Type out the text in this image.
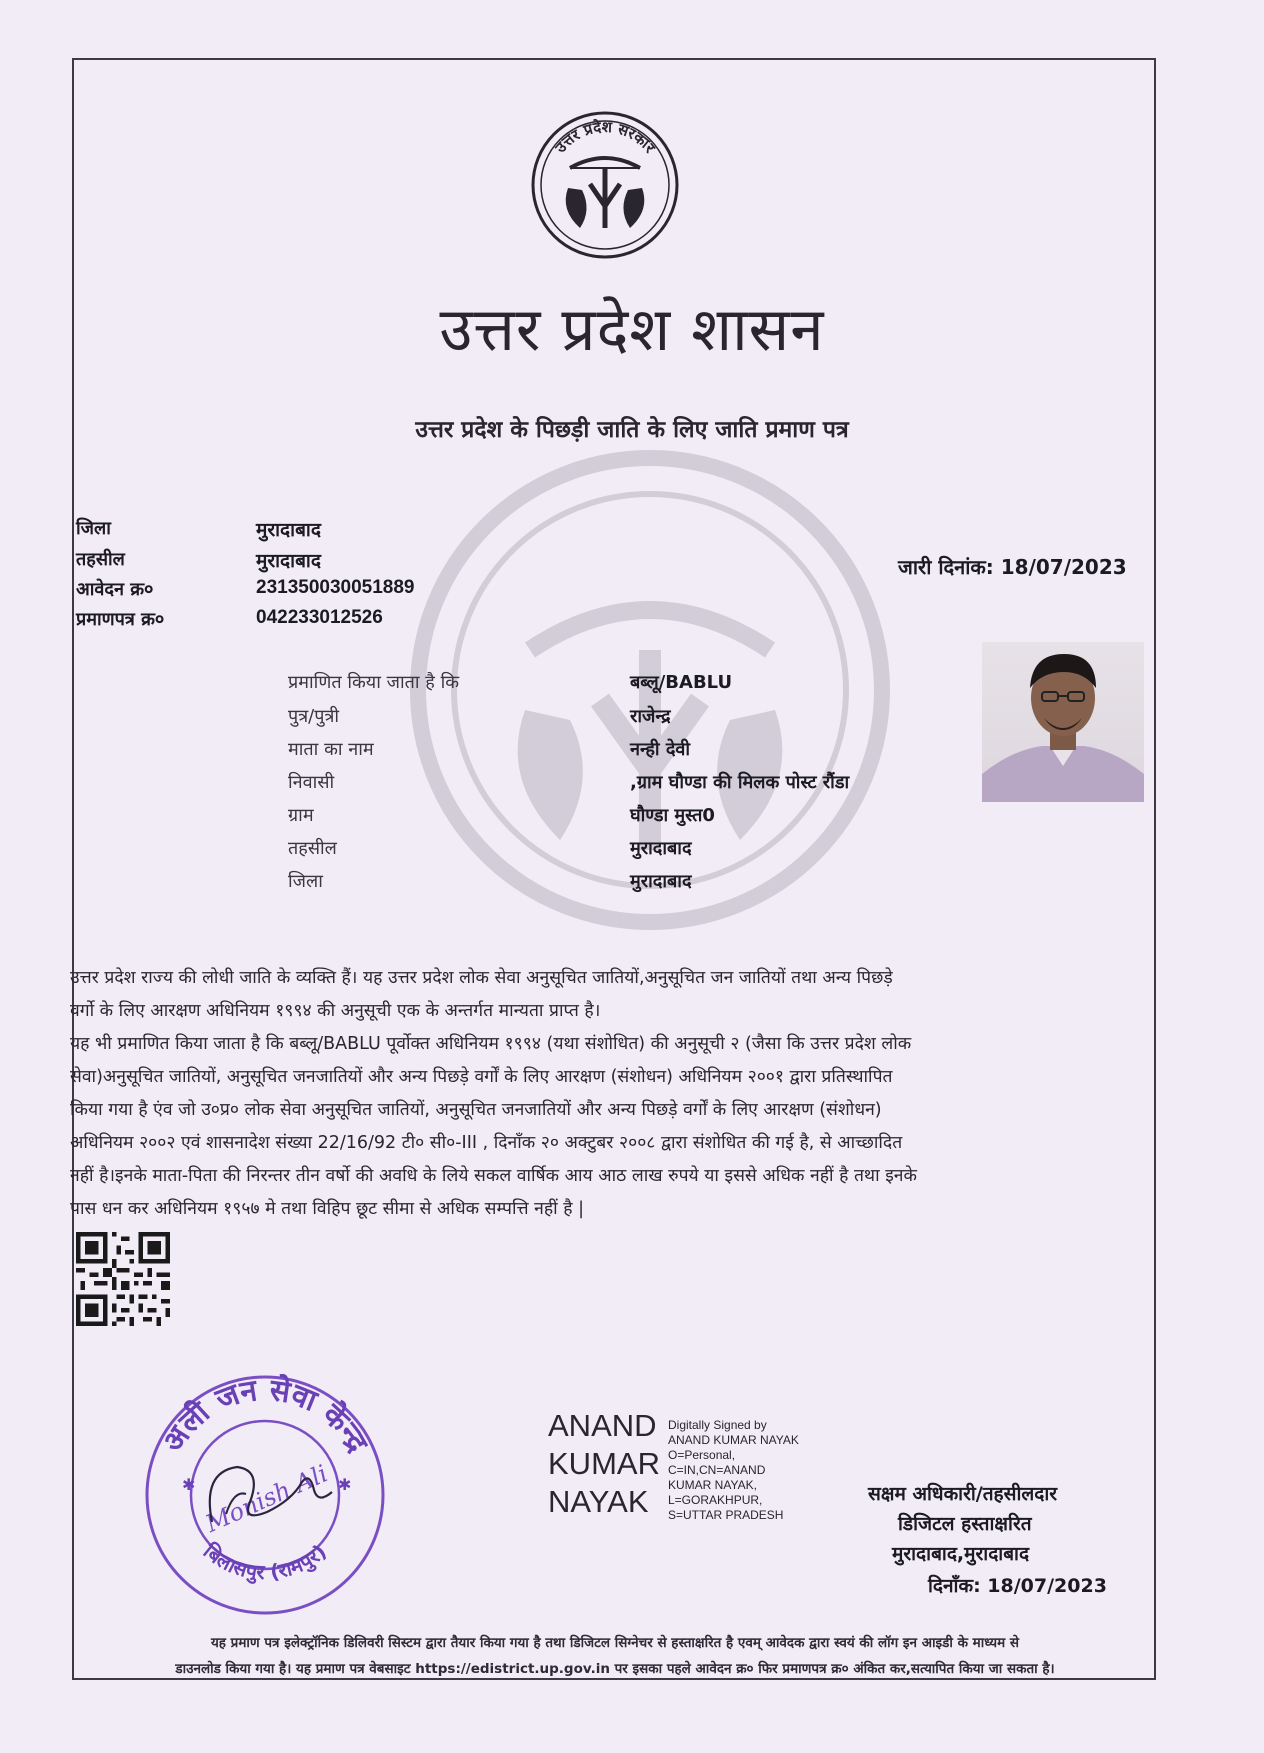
उत्तर प्रदेश सरकार
उत्तर प्रदेश शासन
उत्तर प्रदेश के पिछड़ी जाति के लिए जाति प्रमाण पत्र
जिला	मुरादाबाद
तहसील	मुरादाबाद
आवेदन क्र०	231350030051889
प्रमाणपत्र क्र०	042233012526
जारी दिनांक: 18/07/2023
प्रमाणित किया जाता है कि	बब्लू/BABLU
पुत्र/पुत्री	राजेन्द्र
माता का नाम	नन्ही देवी
निवासी	,ग्राम घौण्डा की मिलक पोस्ट रौंडा
ग्राम	घौण्डा मुस्त0
तहसील	मुरादाबाद
जिला	मुरादाबाद
उत्तर प्रदेश राज्य की लोधी जाति के व्यक्ति हैं। यह उत्तर प्रदेश लोक सेवा अनुसूचित जातियों,अनुसूचित जन जातियों तथा अन्य पिछड़े
वर्गो के लिए आरक्षण अधिनियम १९९४ की अनुसूची एक के अन्तर्गत मान्यता प्राप्त है।
यह भी प्रमाणित किया जाता है कि बब्लू/BABLU पूर्वोक्त अधिनियम १९९४ (यथा संशोधित) की अनुसूची २ (जैसा कि उत्तर प्रदेश लोक
सेवा)अनुसूचित जातियों, अनुसूचित जनजातियों और अन्य पिछड़े वर्गों के लिए आरक्षण (संशोधन) अधिनियम २००१ द्वारा प्रतिस्थापित
किया गया है एंव जो उ०प्र० लोक सेवा अनुसूचित जातियों, अनुसूचित जनजातियों और अन्य पिछड़े वर्गों के लिए आरक्षण (संशोधन)
अधिनियम २००२ एवं शासनादेश संख्या 22/16/92 टी० सी०-III , दिनाँक २० अक्टुबर २००८ द्वारा संशोधित की गई है, से आच्छादित
नहीं है।इनके माता-पिता की निरन्तर तीन वर्षो की अवधि के लिये सकल वार्षिक आय आठ लाख रुपये या इससे अधिक नहीं है तथा इनके
पास धन कर अधिनियम १९५७ मे तथा विहिप छूट सीमा से अधिक सम्पत्ति नहीं है |
अली जन सेवा केन्द्र
बिलासपुर (रामपुर)
Monish Ali
✱	✱
ANAND
KUMAR
NAYAK
Digitally Signed by
ANAND KUMAR NAYAK
O=Personal,
C=IN,CN=ANAND
KUMAR NAYAK,
L=GORAKHPUR,
S=UTTAR PRADESH
सक्षम अधिकारी/तहसीलदार
डिजिटल हस्ताक्षरित
मुरादाबाद,मुरादाबाद
दिनाँक: 18/07/2023
यह प्रमाण पत्र इलेक्ट्रॉनिक डिलिवरी सिस्टम द्वारा तैयार किया गया है तथा डिजिटल सिग्नेचर से हस्ताक्षरित है एवम् आवेदक द्वारा स्वयं की लॉग इन आइडी के माध्यम से
डाउनलोड किया गया है। यह प्रमाण पत्र वेबसाइट https://edistrict.up.gov.in पर इसका पहले आवेदन क्र० फिर प्रमाणपत्र क्र० अंकित कर,सत्यापित किया जा सकता है।
